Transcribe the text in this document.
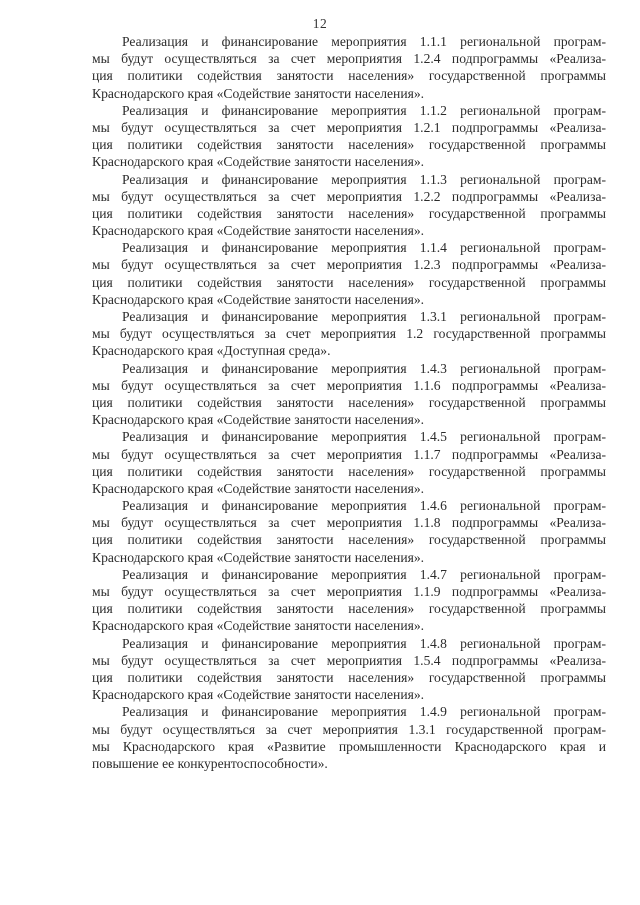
12
Реализация и финансирование мероприятия 1.1.1 региональной програм-
мы будут осуществляться за счет мероприятия 1.2.4 подпрограммы «Реализа-
ция политики содействия занятости населения» государственной программы
Краснодарского края «Содействие занятости населения».
Реализация и финансирование мероприятия 1.1.2 региональной програм-
мы будут осуществляться за счет мероприятия 1.2.1 подпрограммы «Реализа-
ция политики содействия занятости населения» государственной программы
Краснодарского края «Содействие занятости населения».
Реализация и финансирование мероприятия 1.1.3 региональной програм-
мы будут осуществляться за счет мероприятия 1.2.2 подпрограммы «Реализа-
ция политики содействия занятости населения» государственной программы
Краснодарского края «Содействие занятости населения».
Реализация и финансирование мероприятия 1.1.4 региональной програм-
мы будут осуществляться за счет мероприятия 1.2.3 подпрограммы «Реализа-
ция политики содействия занятости населения» государственной программы
Краснодарского края «Содействие занятости населения».
Реализация и финансирование мероприятия 1.3.1 региональной програм-
мы будут осуществляться за счет мероприятия 1.2 государственной программы
Краснодарского края «Доступная среда».
Реализация и финансирование мероприятия 1.4.3 региональной програм-
мы будут осуществляться за счет мероприятия 1.1.6 подпрограммы «Реализа-
ция политики содействия занятости населения» государственной программы
Краснодарского края «Содействие занятости населения».
Реализация и финансирование мероприятия 1.4.5 региональной програм-
мы будут осуществляться за счет мероприятия 1.1.7 подпрограммы «Реализа-
ция политики содействия занятости населения» государственной программы
Краснодарского края «Содействие занятости населения».
Реализация и финансирование мероприятия 1.4.6 региональной програм-
мы будут осуществляться за счет мероприятия 1.1.8 подпрограммы «Реализа-
ция политики содействия занятости населения» государственной программы
Краснодарского края «Содействие занятости населения».
Реализация и финансирование мероприятия 1.4.7 региональной програм-
мы будут осуществляться за счет мероприятия 1.1.9 подпрограммы «Реализа-
ция политики содействия занятости населения» государственной программы
Краснодарского края «Содействие занятости населения».
Реализация и финансирование мероприятия 1.4.8 региональной програм-
мы будут осуществляться за счет мероприятия 1.5.4 подпрограммы «Реализа-
ция политики содействия занятости населения» государственной программы
Краснодарского края «Содействие занятости населения».
Реализация и финансирование мероприятия 1.4.9 региональной програм-
мы будут осуществляться за счет мероприятия 1.3.1 государственной програм-
мы Краснодарского края «Развитие промышленности Краснодарского края и
повышение ее конкурентоспособности».
